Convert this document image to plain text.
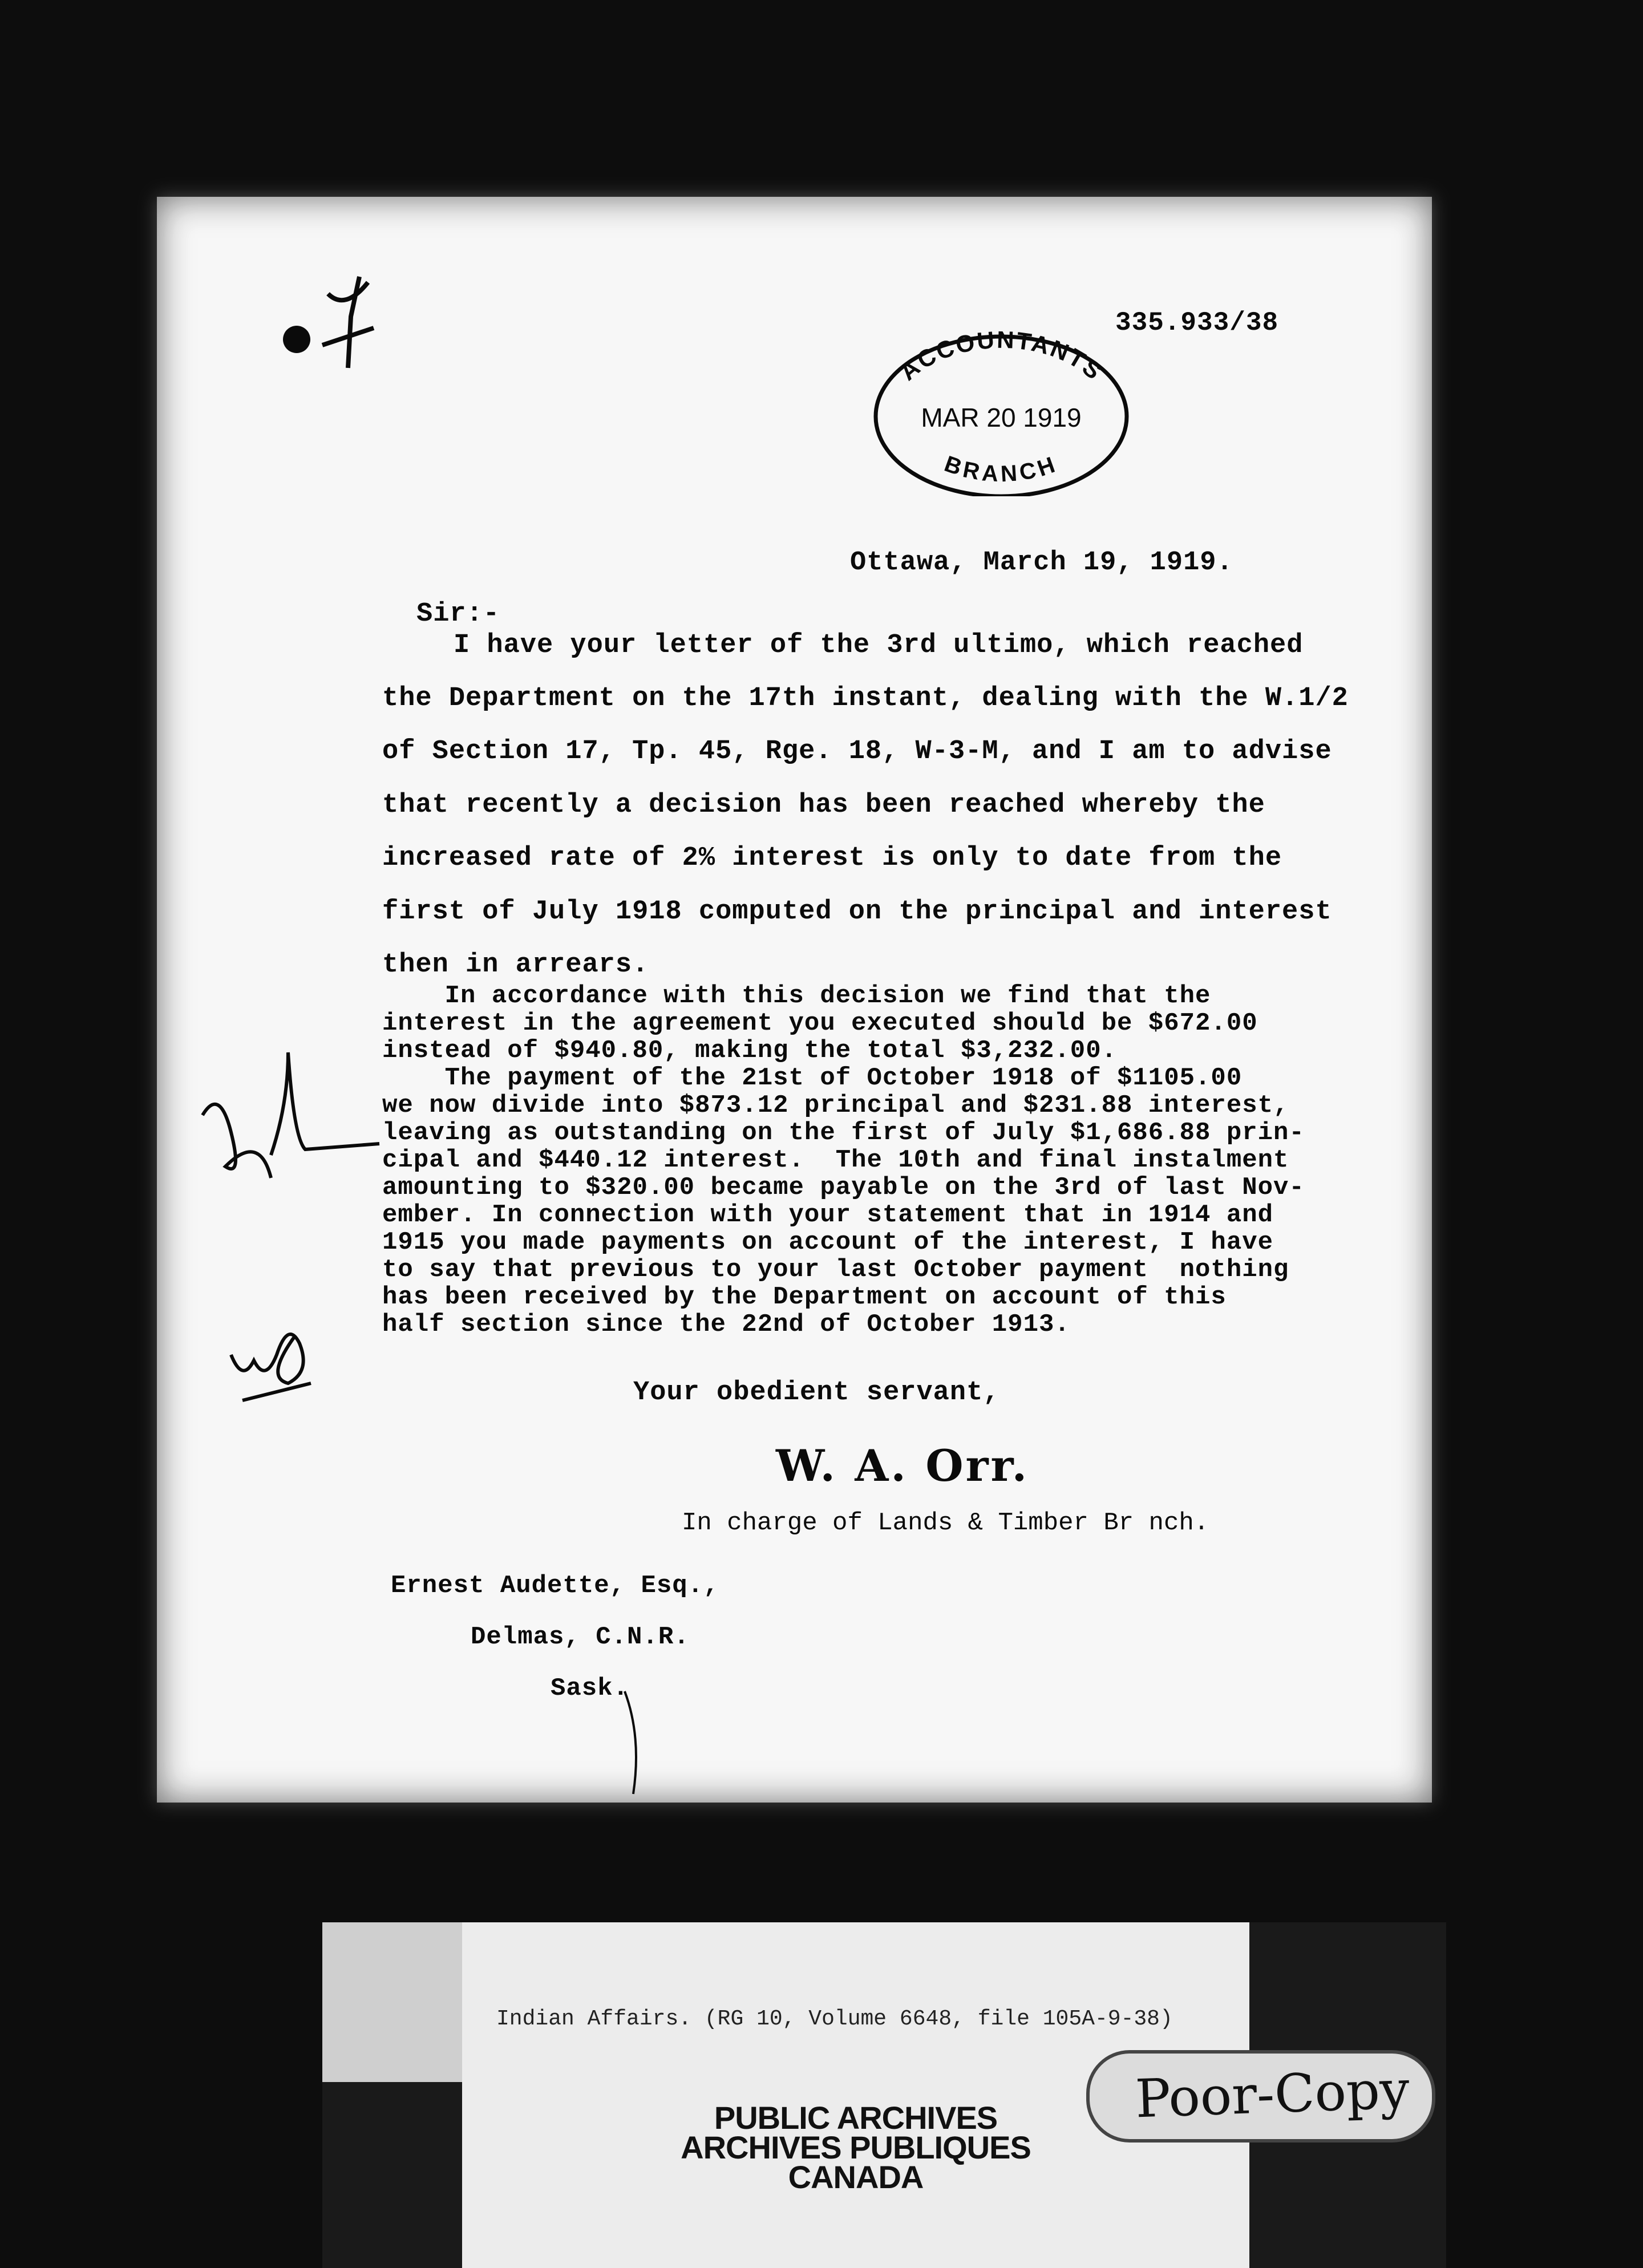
335.933/38
ACCOUNTANTS
MAR 20 1919
BRANCH
Ottawa, March 19, 1919.
Sir:-
I have your letter of the 3rd ultimo, which reached
the Department on the 17th instant, dealing with the W.1/2
of Section 17, Tp. 45, Rge. 18, W-3-M, and I am to advise
that recently a decision has been reached whereby the
increased rate of 2% interest is only to date from the
first of July 1918 computed on the principal and interest
then in arrears.
In accordance with this decision we find that the
interest in the agreement you executed should be $672.00
instead of $940.80, making the total $3,232.00.
The payment of the 21st of October 1918 of $1105.00
we now divide into $873.12 principal and $231.88 interest,
leaving as outstanding on the first of July $1,686.88 prin-
cipal and $440.12 interest.  The 10th and final instalment
amounting to $320.00 became payable on the 3rd of last Nov-
ember. In connection with your statement that in 1914 and
1915 you made payments on account of the interest, I have
to say that previous to your last October payment  nothing
has been received by the Department on account of this
half section since the 22nd of October 1913.
Your obedient servant,
W. A. Orr.
In charge of Lands & Timber Br nch.
Ernest Audette, Esq.,
Delmas, C.N.R.
Sask.
PUBLIC ARCHIVES
ARCHIVES PUBLIQUES
CANADA
Indian Affairs. (RG 10, Volume 6648, file 105A-9-38)
Poor-Copy
